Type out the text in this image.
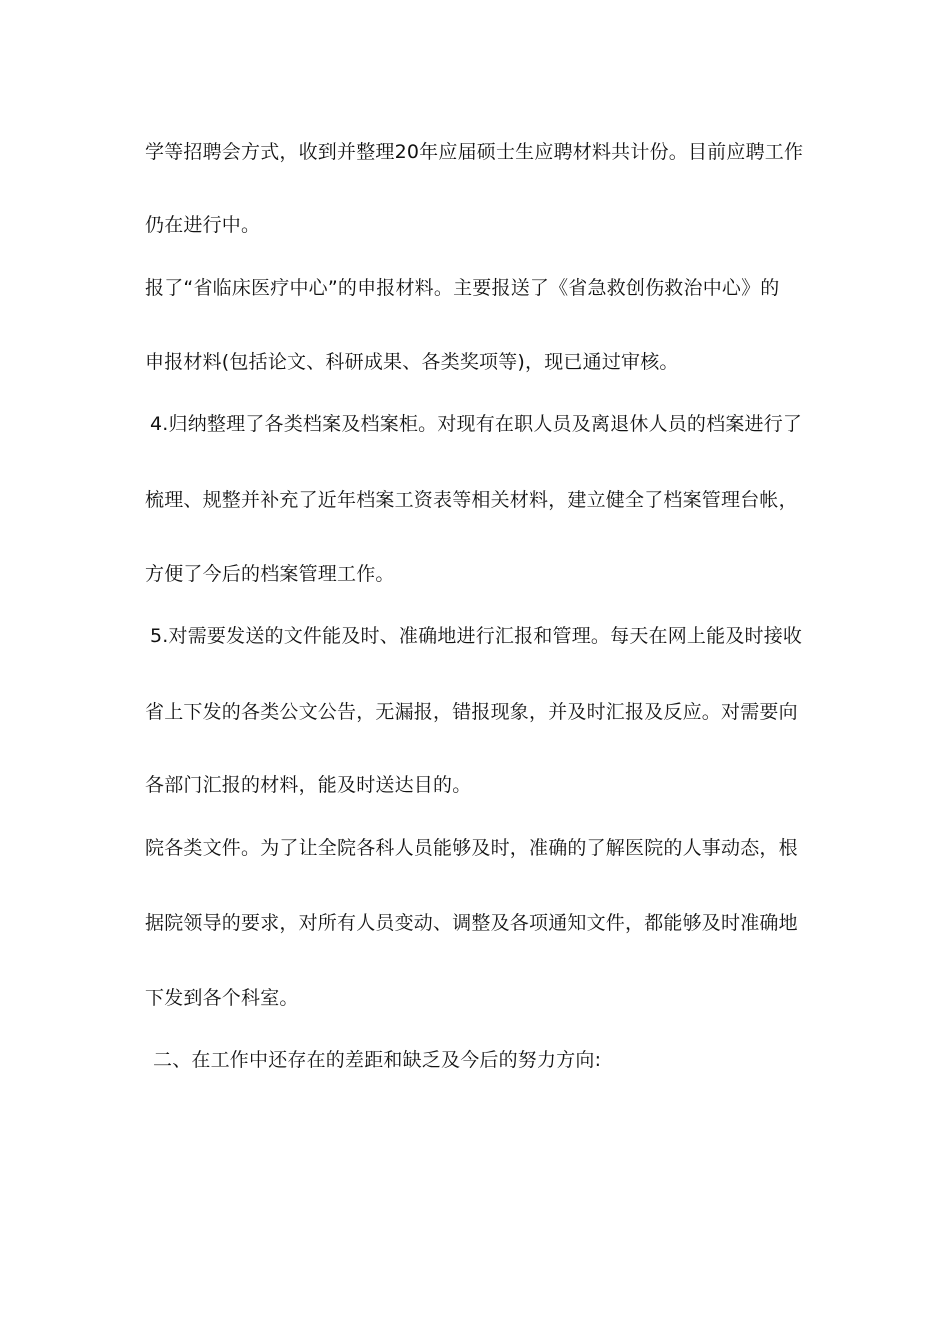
学等招聘会方式，收到并整理20年应届硕士生应聘材料共计份。目前应聘工作
仍在进行中。
报了“省临床医疗中心”的申报材料。主要报送了《省急救创伤救治中心》的
申报材料(包括论文、科研成果、各类奖项等)，现已通过审核。
4.归纳整理了各类档案及档案柜。对现有在职人员及离退休人员的档案进行了
梳理、规整并补充了近年档案工资表等相关材料，建立健全了档案管理台帐，
方便了今后的档案管理工作。
5.对需要发送的文件能及时、准确地进行汇报和管理。每天在网上能及时接收
省上下发的各类公文公告，无漏报，错报现象，并及时汇报及反应。对需要向
各部门汇报的材料，能及时送达目的。
院各类文件。为了让全院各科人员能够及时，准确的了解医院的人事动态，根
据院领导的要求，对所有人员变动、调整及各项通知文件，都能够及时准确地
下发到各个科室。
二、在工作中还存在的差距和缺乏及今后的努力方向:
